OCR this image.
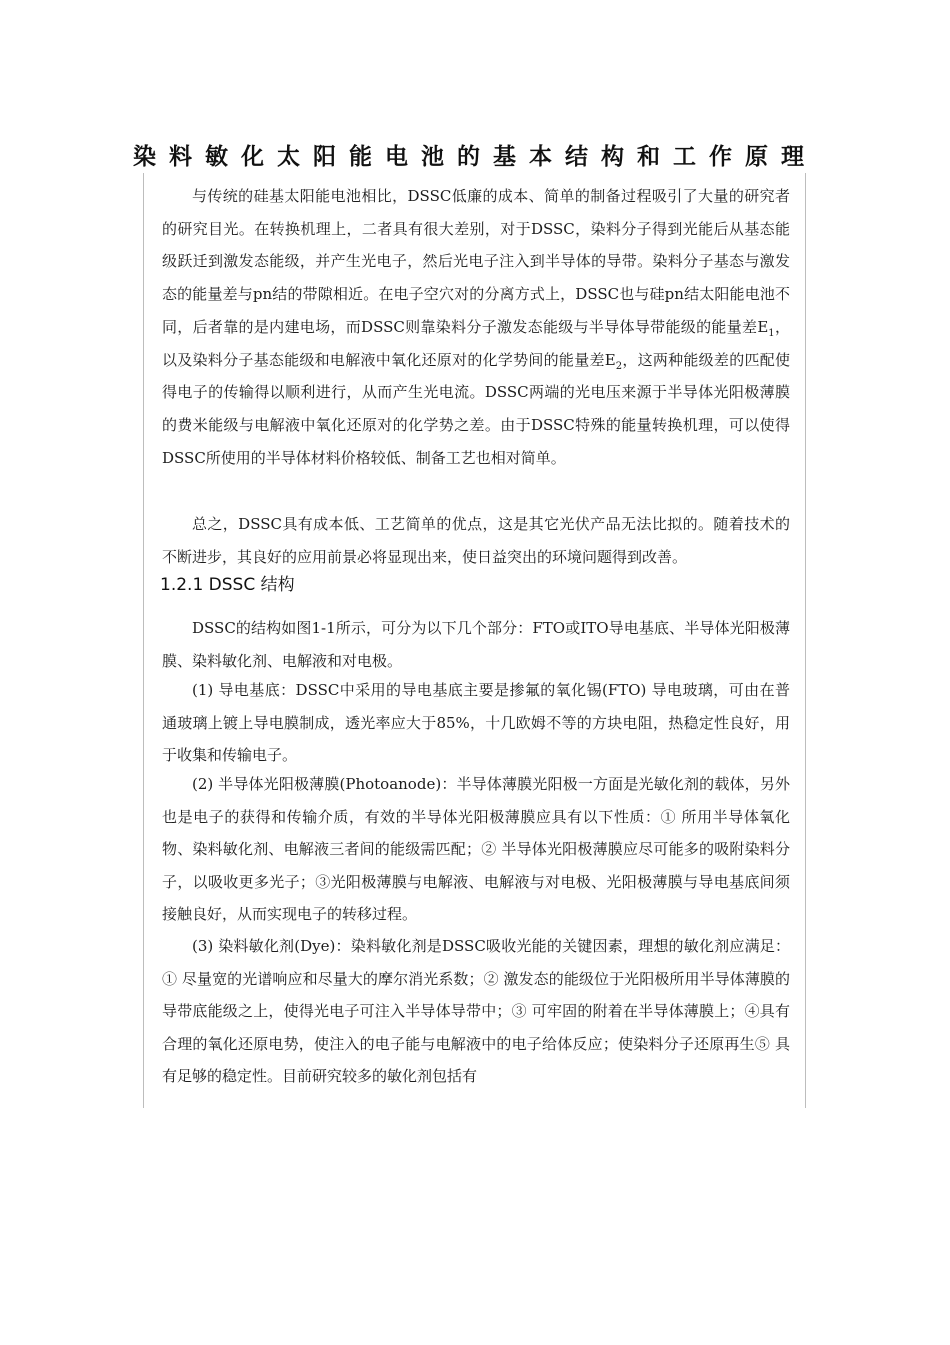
染料敏化太阳能电池的基本结构和工作原理

与传统的硅基太阳能电池相比，DSSC低廉的成本、简单的制备过程吸引了大量的研究者的研究目光。在转换机理上，二者具有很大差别，对于DSSC，染料分子得到光能后从基态能级跃迁到激发态能级，并产生光电子，然后光电子注入到半导体的导带。染料分子基态与激发态的能量差与pn结的带隙相近。在电子空穴对的分离方式上，DSSC也与硅pn结太阳能电池不同，后者靠的是内建电场，而DSSC则靠染料分子激发态能级与半导体导带能级的能量差$E_1$，以及染料分子基态能级和电解液中氧化还原对的化学势间的能量差$E_2$，这两种能级差的匹配使得电子的传输得以顺利进行，从而产生光电流。DSSC两端的光电压来源于半导体光阳极薄膜的费米能级与电解液中氧化还原对的化学势之差。由于DSSC特殊的能量转换机理，可以使得DSSC所使用的半导体材料价格较低、制备工艺也相对简单。

总之，DSSC具有成本低、工艺简单的优点，这是其它光伏产品无法比拟的。随着技术的不断进步，其良好的应用前景必将显现出来，使日益突出的环境问题得到改善。

1.2.1 DSSC 结构

DSSC的结构如图1-1所示，可分为以下几个部分：FTO或ITO导电基底、半导体光阳极薄膜、染料敏化剂、电解液和对电极。

(1) 导电基底：DSSC中采用的导电基底主要是掺氟的氧化锡(FTO) 导电玻璃，可由在普通玻璃上镀上导电膜制成，透光率应大于85%，十几欧姆不等的方块电阻，热稳定性良好，用于收集和传输电子。

(2) 半导体光阳极薄膜(Photoanode)：半导体薄膜光阳极一方面是光敏化剂的载体，另外也是电子的获得和传输介质，有效的半导体光阳极薄膜应具有以下性质：① 所用半导体氧化物、染料敏化剂、电解液三者间的能级需匹配；② 半导体光阳极薄膜应尽可能多的吸附染料分子，以吸收更多光子；③光阳极薄膜与电解液、电解液与对电极、光阳极薄膜与导电基底间须接触良好，从而实现电子的转移过程。

(3) 染料敏化剂(Dye)：染料敏化剂是DSSC吸收光能的关键因素，理想的敏化剂应满足：① 尽量宽的光谱响应和尽量大的摩尔消光系数；② 激发态的能级位于光阳极所用半导体薄膜的导带底能级之上，使得光电子可注入半导体导带中；③ 可牢固的附着在半导体薄膜上；④具有合理的氧化还原电势，使注入的电子能与电解液中的电子给体反应；使染料分子还原再生⑤ 具有足够的稳定性。目前研究较多的敏化剂包括有
